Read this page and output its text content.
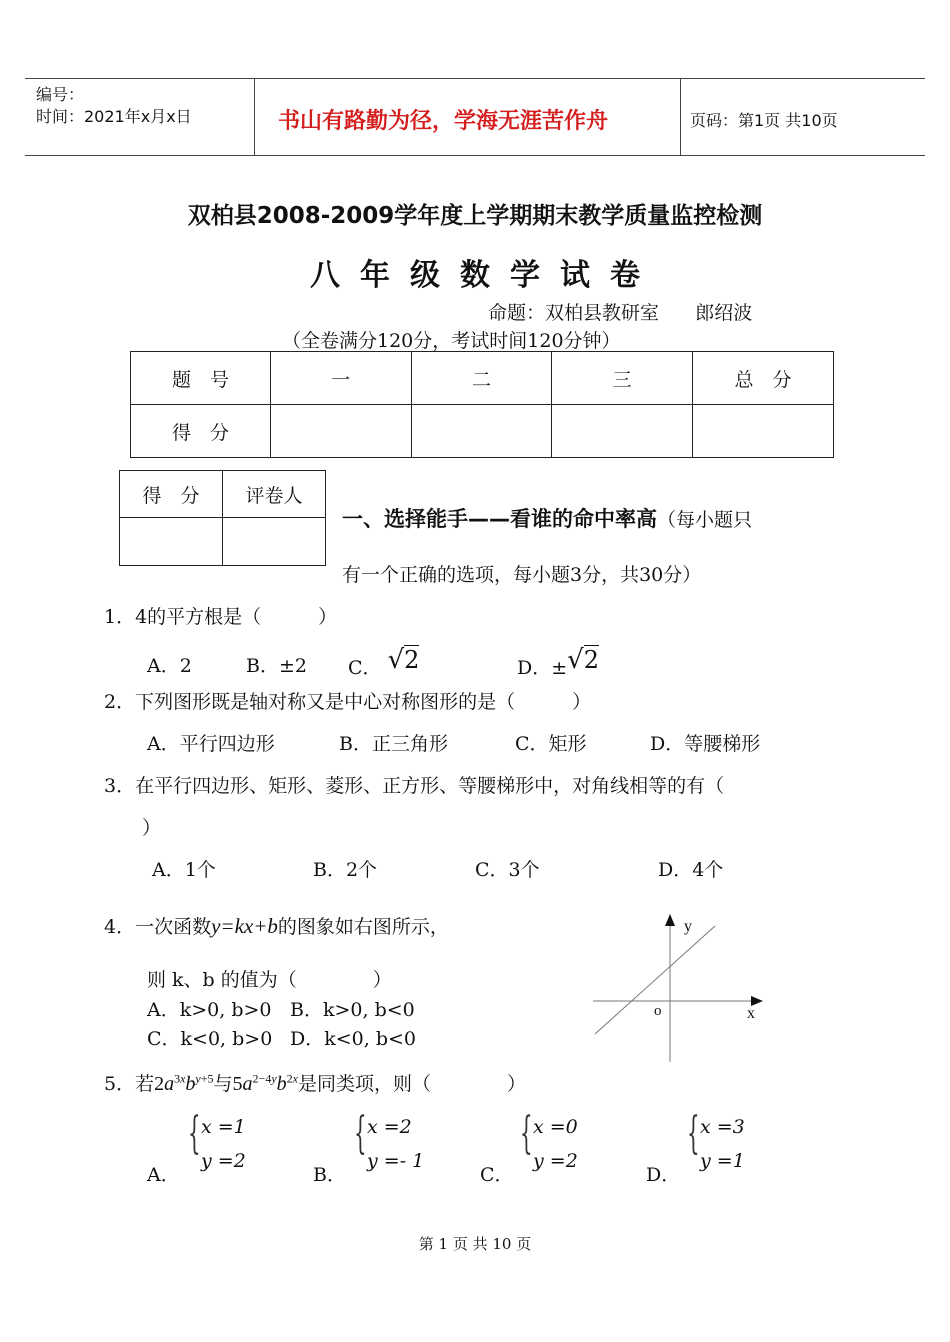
编号：
时间：2021年x月x日	书山有路勤为径，学海无涯苦作舟	页码：第1页 共10页
双柏县2008-2009学年度上学期期末教学质量监控检测
八年级数学试卷
命题：双柏县教研室      郎绍波
（全卷满分120分，考试时间120分钟）
题　号	一	二	三	总　分
得　分				
得　分	评卷人

一、选择能手——看谁的命中率高（每小题只
有一个正确的选项，每小题3分，共30分）
1．4的平方根是（　　　）
A．2	B．±2 C． √2	D．±√2
2．下列图形既是轴对称又是中心对称图形的是（　　　）
A．平行四边形	B．正三角形	C．矩形	D．等腰梯形
3．在平行四边形、矩形、菱形、正方形、等腰梯形中，对角线相等的有（
）
A．1个	B．2个	C．3个	D．4个
4．一次函数y=kx+b的图象如右图所示，
则 k、b 的值为（　　　　）
A．k>0, b>0 B．k>0, b<0
C．k<0, b>0 D．k<0, b<0
y
x
o
5．若$2a^{3x}b^{y+5}$与$5a^{2-4y}b^{2x}$是同类项，则（　　　　）
A．
{ x =1
y =2
B．
{ x =2
y =- 1
C．
{ x =0
y =2
D．
{ x =3
y =1
第 1 页 共 10 页
